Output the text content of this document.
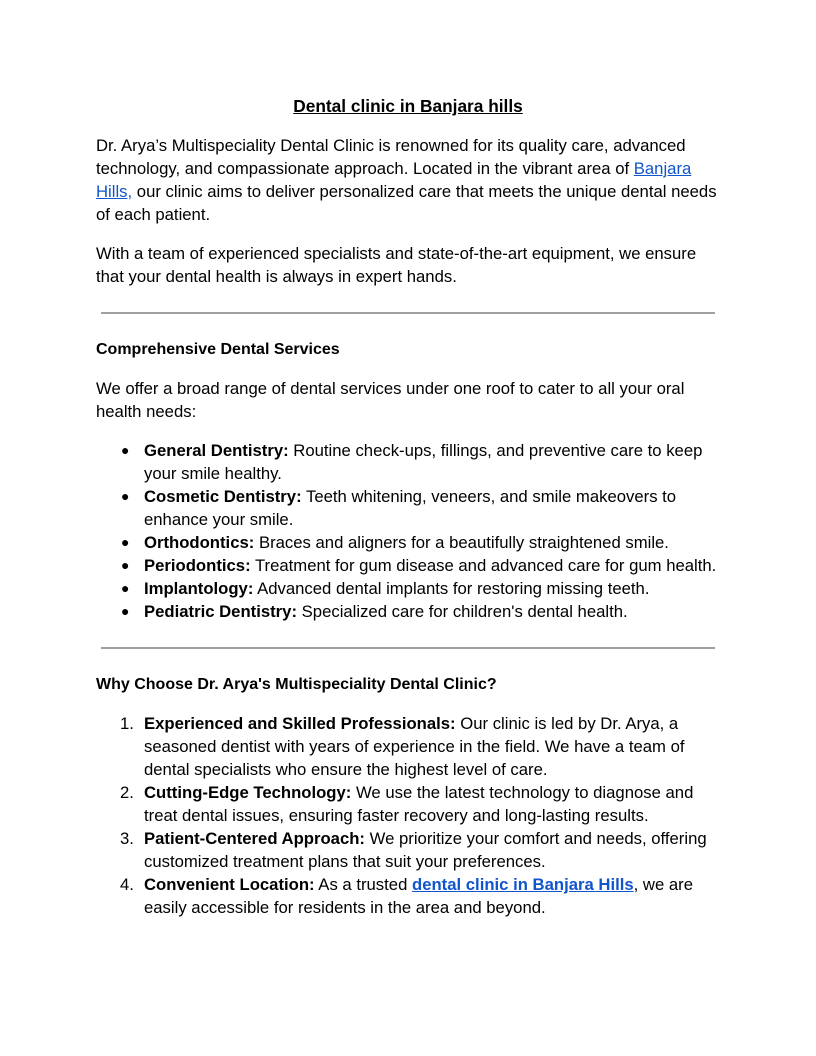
Dental clinic in Banjara hills

Dr. Arya’s Multispeciality Dental Clinic is renowned for its quality care, advanced technology, and compassionate approach. Located in the vibrant area of Banjara Hills, our clinic aims to deliver personalized care that meets the unique dental needs of each patient.

With a team of experienced specialists and state-of-the-art equipment, we ensure that your dental health is always in expert hands.

Comprehensive Dental Services

We offer a broad range of dental services under one roof to cater to all your oral health needs:

● General Dentistry: Routine check-ups, fillings, and preventive care to keep your smile healthy.
● Cosmetic Dentistry: Teeth whitening, veneers, and smile makeovers to enhance your smile.
● Orthodontics: Braces and aligners for a beautifully straightened smile.
● Periodontics: Treatment for gum disease and advanced care for gum health.
● Implantology: Advanced dental implants for restoring missing teeth.
● Pediatric Dentistry: Specialized care for children's dental health.
Why Choose Dr. Arya's Multispeciality Dental Clinic?
1. Experienced and Skilled Professionals: Our clinic is led by Dr. Arya, a seasoned dentist with years of experience in the field. We have a team of dental specialists who ensure the highest level of care.
2. Cutting-Edge Technology: We use the latest technology to diagnose and treat dental issues, ensuring faster recovery and long-lasting results.
3. Patient-Centered Approach: We prioritize your comfort and needs, offering customized treatment plans that suit your preferences.
4. Convenient Location: As a trusted dental clinic in Banjara Hills, we are easily accessible for residents in the area and beyond.
